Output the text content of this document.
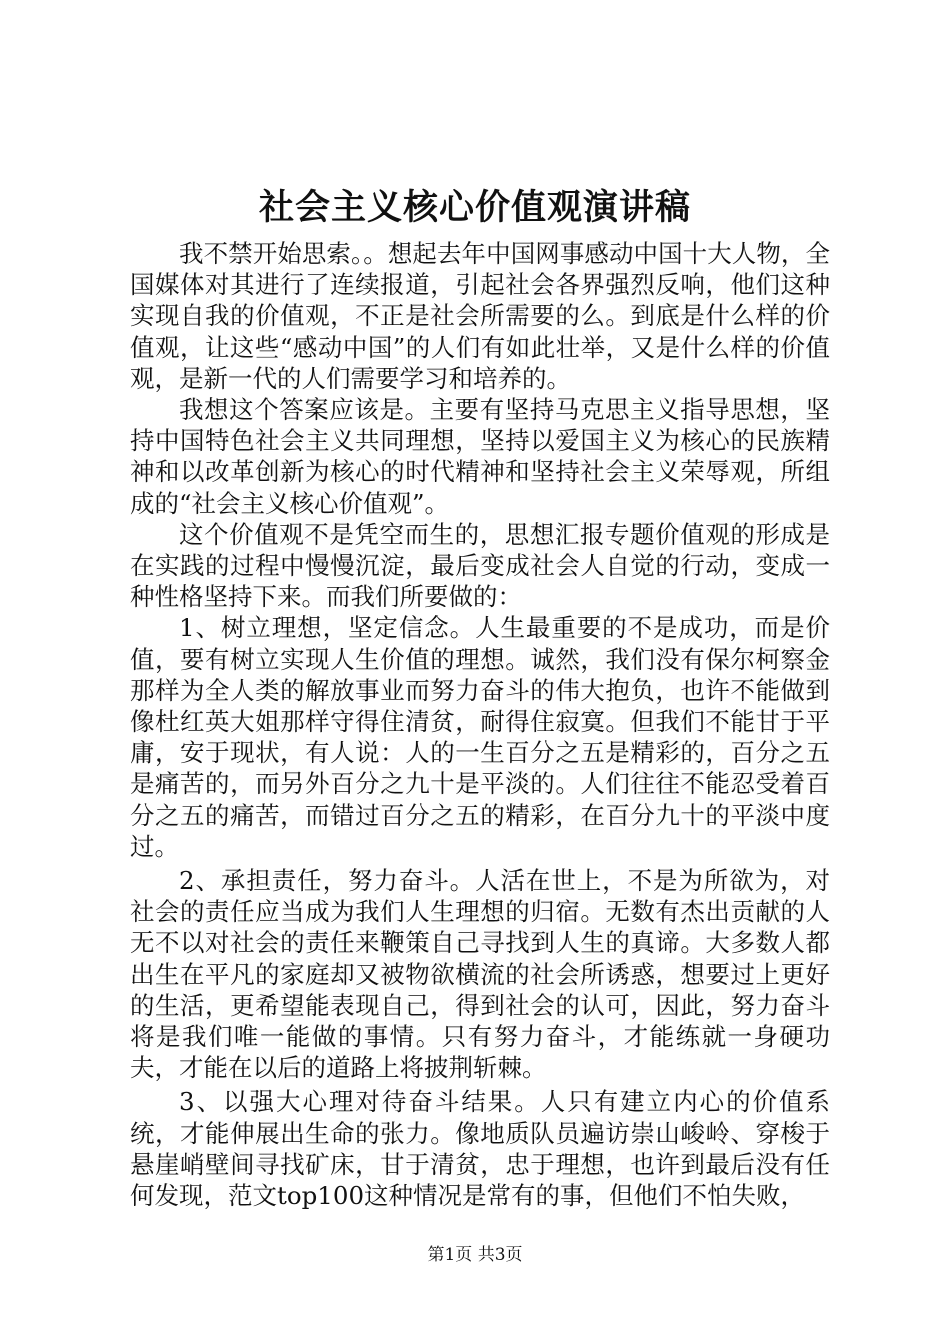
社会主义核心价值观演讲稿

我不禁开始思索。。想起去年中国网事感动中国十大人物，全国媒体对其进行了连续报道，引起社会各界强烈反响，他们这种实现自我的价值观，不正是社会所需要的么。到底是什么样的价值观，让这些“感动中国”的人们有如此壮举，又是什么样的价值观，是新一代的人们需要学习和培养的。

我想这个答案应该是。主要有坚持马克思主义指导思想，坚持中国特色社会主义共同理想，坚持以爱国主义为核心的民族精神和以改革创新为核心的时代精神和坚持社会主义荣辱观，所组成的“社会主义核心价值观”。

这个价值观不是凭空而生的，思想汇报专题价值观的形成是在实践的过程中慢慢沉淀，最后变成社会人自觉的行动，变成一种性格坚持下来。而我们所要做的：

1、树立理想，坚定信念。人生最重要的不是成功，而是价值，要有树立实现人生价值的理想。诚然，我们没有保尔柯察金那样为全人类的解放事业而努力奋斗的伟大抱负，也许不能做到像杜红英大姐那样守得住清贫，耐得住寂寞。但我们不能甘于平庸，安于现状，有人说：人的一生百分之五是精彩的，百分之五是痛苦的，而另外百分之九十是平淡的。人们往往不能忍受着百分之五的痛苦，而错过百分之五的精彩，在百分九十的平淡中度过。

2、承担责任，努力奋斗。人活在世上，不是为所欲为，对社会的责任应当成为我们人生理想的归宿。无数有杰出贡献的人无不以对社会的责任来鞭策自己寻找到人生的真谛。大多数人都出生在平凡的家庭却又被物欲横流的社会所诱惑，想要过上更好的生活，更希望能表现自己，得到社会的认可，因此，努力奋斗将是我们唯一能做的事情。只有努力奋斗，才能练就一身硬功夫，才能在以后的道路上将披荆斩棘。

3、以强大心理对待奋斗结果。人只有建立内心的价值系统，才能伸展出生命的张力。像地质队员遍访崇山峻岭、穿梭于悬崖峭壁间寻找矿床，甘于清贫，忠于理想，也许到最后没有任何发现，范文top100这种情况是常有的事，但他们不怕失败，

第1页 共3页
